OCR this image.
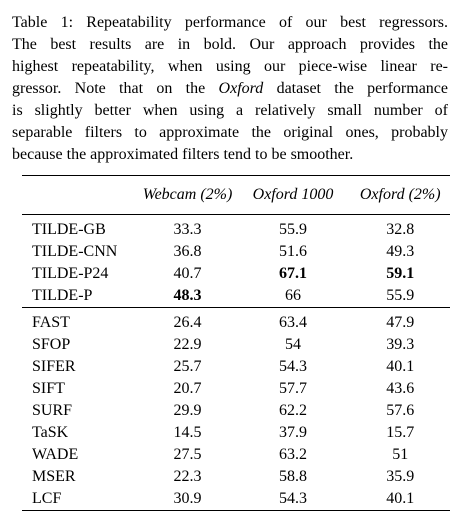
Table 1: Repeatability performance of our best regressors.
The best results are in bold. Our approach provides the
highest repeatability, when using our piece-wise linear re-
gressor. Note that on the Oxford dataset the performance
is slightly better when using a relatively small number of
separable filters to approximate the original ones, probably
because the approximated filters tend to be smoother.
	Webcam (2%)	Oxford 1000	Oxford (2%)
TILDE-GB	33.3	55.9	32.8
TILDE-CNN	36.8	51.6	49.3
TILDE-P24	40.7	67.1	59.1
TILDE-P	48.3	66	55.9
FAST	26.4	63.4	47.9
SFOP	22.9	54	39.3
SIFER	25.7	54.3	40.1
SIFT	20.7	57.7	43.6
SURF	29.9	62.2	57.6
TaSK	14.5	37.9	15.7
WADE	27.5	63.2	51
MSER	22.3	58.8	35.9
LCF	30.9	54.3	40.1
